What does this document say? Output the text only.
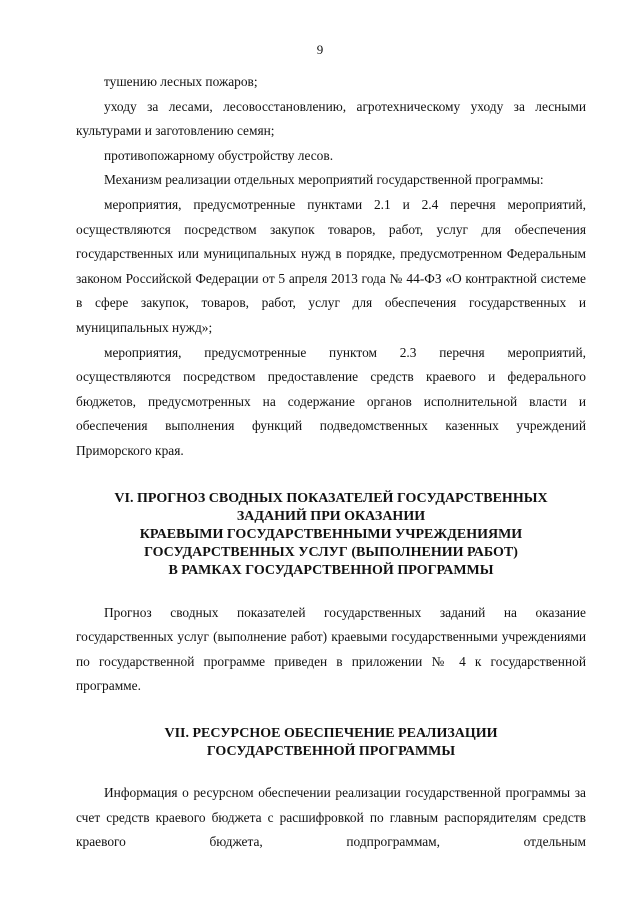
9

тушению лесных пожаров;

уходу за лесами, лесовосстановлению, агротехническому уходу за лесными культурами и заготовлению семян;

противопожарному обустройству лесов.

Механизм реализации отдельных мероприятий государственной программы:

мероприятия, предусмотренные пунктами 2.1 и 2.4 перечня мероприятий, осуществляются посредством закупок товаров, работ, услуг для обеспечения государственных или муниципальных нужд в порядке, предусмотренном Федеральным законом Российской Федерации от 5 апреля 2013 года № 44-ФЗ «О контрактной системе в сфере закупок, товаров, работ, услуг для обеспечения государственных и муниципальных нужд»;

мероприятия, предусмотренные пунктом 2.3 перечня мероприятий, осуществляются посредством предоставление средств краевого и федерального бюджетов, предусмотренных на содержание органов исполнительной власти и обеспечения выполнения функций подведомственных казенных учреждений Приморского края.

VI. ПРОГНОЗ СВОДНЫХ ПОКАЗАТЕЛЕЙ ГОСУДАРСТВЕННЫХ
ЗАДАНИЙ ПРИ ОКАЗАНИИ
КРАЕВЫМИ ГОСУДАРСТВЕННЫМИ УЧРЕЖДЕНИЯМИ
ГОСУДАРСТВЕННЫХ УСЛУГ (ВЫПОЛНЕНИИ РАБОТ)
В РАМКАХ ГОСУДАРСТВЕННОЙ ПРОГРАММЫ

Прогноз сводных показателей государственных заданий на оказание государственных услуг (выполнение работ) краевыми государственными учреждениями по государственной программе приведен в приложении № 4 к государственной программе.

VII. РЕСУРСНОЕ ОБЕСПЕЧЕНИЕ РЕАЛИЗАЦИИ
ГОСУДАРСТВЕННОЙ ПРОГРАММЫ

Информация о ресурсном обеспечении реализации государственной программы за счет средств краевого бюджета с расшифровкой по главным распорядителям средств краевого бюджета, подпрограммам, отдельным
